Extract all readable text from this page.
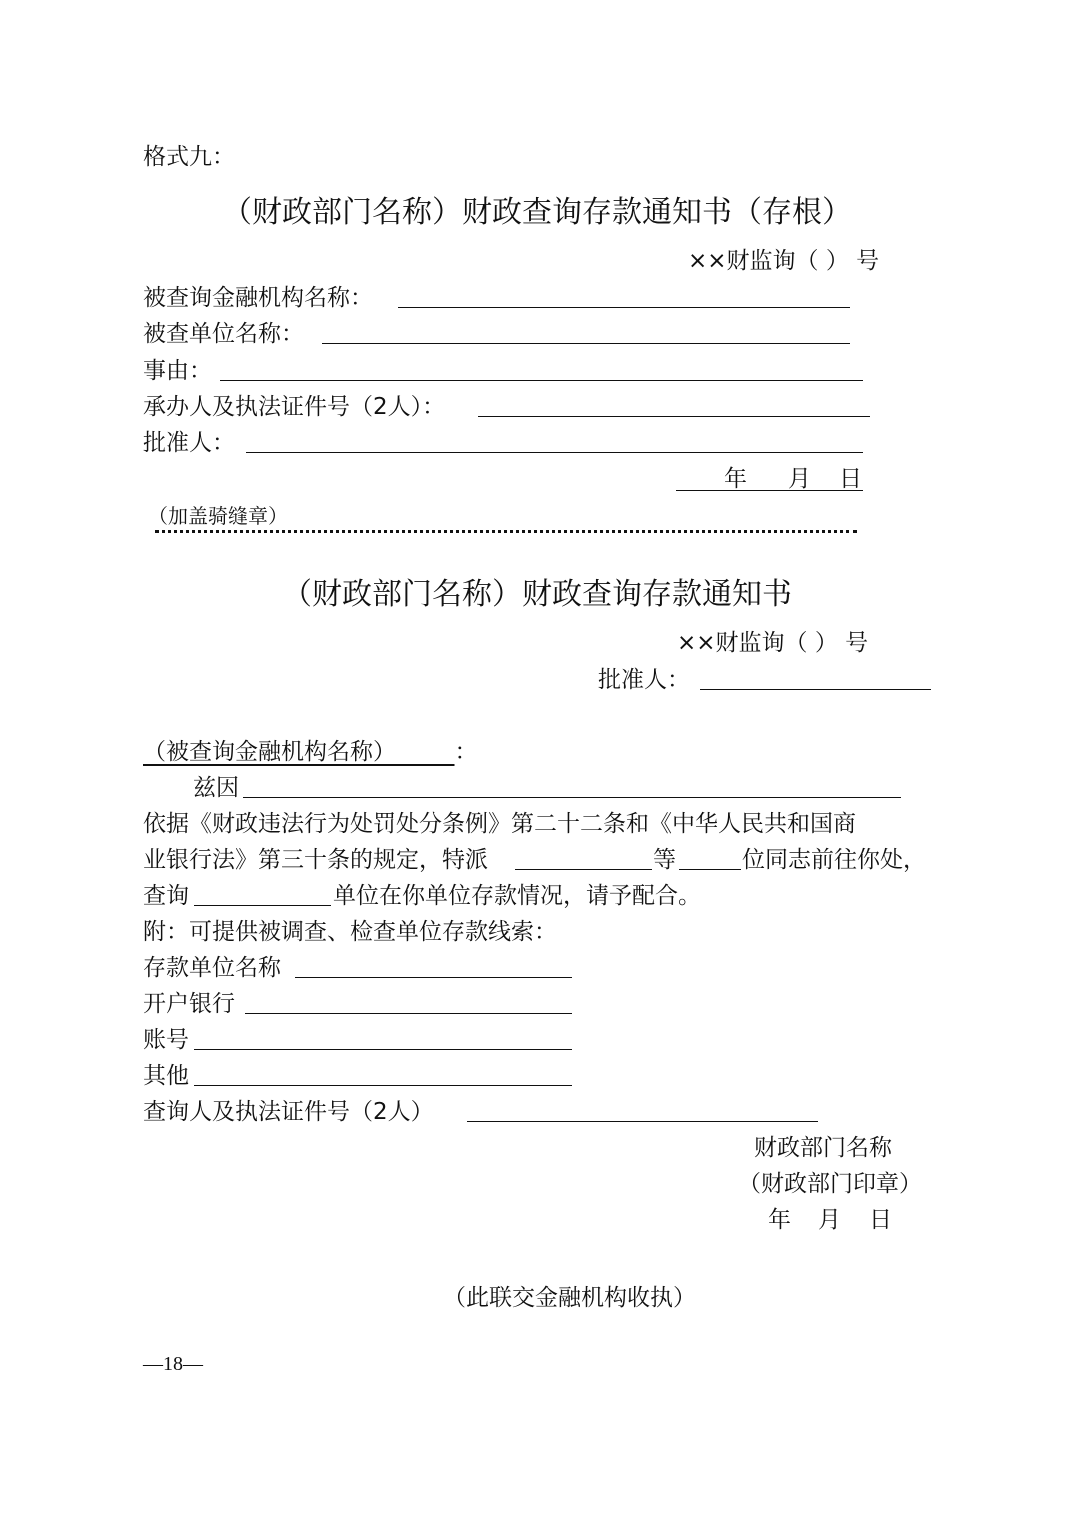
格式九：
（财政部门名称）财政查询存款通知书（存根）
××财监询（ ） 号
被查询金融机构名称：
被查单位名称：
事由：
承办人及执法证件号（2人）：
批准人：
年 月 日
（加盖骑缝章）
（财政部门名称）财政查询存款通知书
××财监询（ ） 号
批准人：
（被查询金融机构名称）	：
兹因
依据《财政违法行为处罚处分条例》第二十二条和《中华人民共和国商
业银行法》第三十条的规定，特派	等	位同志前往你处，
查询	单位在你单位存款情况，请予配合。
附：可提供被调查、检查单位存款线索：
存款单位名称
开户银行
账号
其他
查询人及执法证件号（2人）
财政部门名称
（财政部门印章）
年 月 日
（此联交金融机构收执）
—18—
